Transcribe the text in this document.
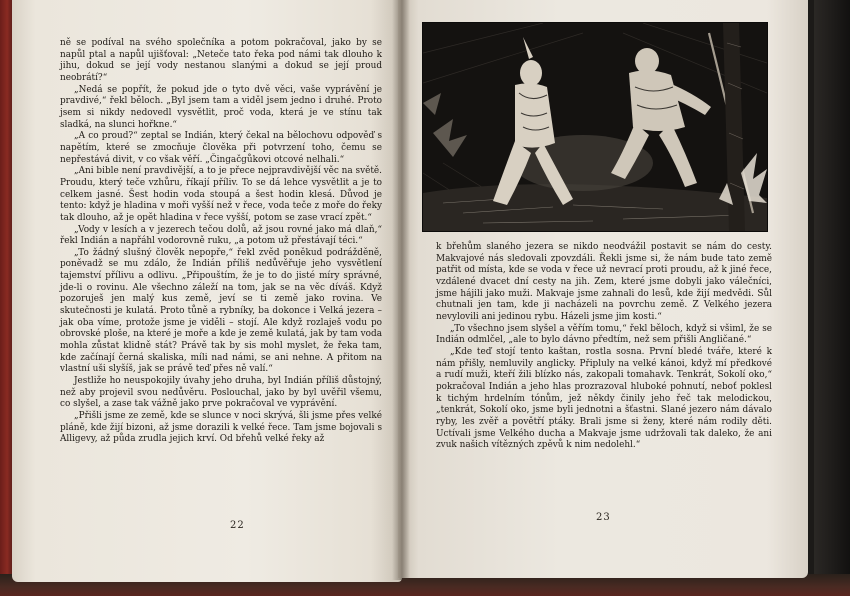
ně se podíval na svého společníka a potom pokračoval, jako by se napůl ptal a napůl ujišťoval: „Neteče tato řeka pod námi tak dlouho k jihu, dokud se její vody nestanou slanými a dokud se její proud neobrátí?“

„Nedá se popřít, že pokud jde o tyto dvě věci, vaše vyprávění je pravdivé,“ řekl běloch. „Byl jsem tam a viděl jsem jedno i druhé. Proto jsem si nikdy nedovedl vysvětlit, proč voda, která je ve stínu tak sladká, na slunci hořkne.“

„A co proud?“ zeptal se Indián, který čekal na bělochovu odpověď s napětím, které se zmocňuje člověka při potvrzení toho, čemu se nepřestává divit, v co však věří. „Čingačgůkovi otcové nelhali.“

„Ani bible není pravdivější, a to je přece nejpravdivější věc na světě. Proudu, který teče vzhůru, říkají příliv. To se dá lehce vysvětlit a je to celkem jasné. Šest hodin voda stoupá a šest hodin klesá. Důvod je tento: když je hladina v moři vyšší než v řece, voda teče z moře do řeky tak dlouho, až je opět hladina v řece vyšší, potom se zase vrací zpět.“

„Vody v lesích a v jezerech tečou dolů, až jsou rovné jako má dlaň,“ řekl Indián a napřáhl vodorovně ruku, „a potom už přestávají téci.“

„To žádný slušný člověk nepopře,“ řekl zvěd poněkud podrážděně, poněvadž se mu zdálo, že Indián příliš nedůvěřuje jeho vysvětlení tajemství přílivu a odlivu. „Připouštím, že je to do jisté míry správné, jde-li o rovinu. Ale všechno záleží na tom, jak se na věc díváš. Když pozoruješ jen malý kus země, jeví se ti země jako rovina. Ve skutečnosti je kulatá. Proto tůně a rybníky, ba dokonce i Velká jezera – jak oba víme, protože jsme je viděli – stojí. Ale když rozlaješ vodu po obrovské ploše, na které je moře a kde je země kulatá, jak by tam voda mohla zůstat klidně stát? Právě tak by sis mohl myslet, že řeka tam, kde začínají černá skaliska, míli nad námi, se ani nehne. A přitom na vlastní uši slyšíš, jak se právě teď přes ně valí.“

Jestliže ho neuspokojily úvahy jeho druha, byl Indián příliš důstojný, než aby projevil svou nedůvěru. Poslouchal, jako by byl uvěřil všemu, co slyšel, a zase tak vážně jako prve pokračoval ve vyprávění.

„Přišli jsme ze země, kde se slunce v noci skrývá, šli jsme přes velké pláně, kde žijí bizoni, až jsme dorazili k velké řece. Tam jsme bojovali s Alligevy, až půda zrudla jejich krví. Od břehů velké řeky až

22

k břehům slaného jezera se nikdo neodvážil postavit se nám do cesty. Makvajové nás sledovali zpovzdáli. Řekli jsme si, že nám bude tato země patřit od místa, kde se voda v řece už nevrací proti proudu, až k jiné řece, vzdálené dvacet dní cesty na jih. Zem, které jsme dobyli jako válečníci, jsme hájili jako muži. Makvaje jsme zahnali do lesů, kde žijí medvědi. Sůl chutnali jen tam, kde ji nacházeli na povrchu země. Z Velkého jezera nevylovili ani jedinou rybu. Házeli jsme jim kosti.“

„To všechno jsem slyšel a věřím tomu,“ řekl běloch, když si všiml, že se Indián odmlčel, „ale to bylo dávno předtím, než sem přišli Angličané.“

„Kde teď stojí tento kaštan, rostla sosna. První bledé tváře, které k nám přišly, nemluvily anglicky. Připluly na velké kánoi, když mí předkové a rudí muži, kteří žili blízko nás, zakopali tomahavk. Tenkrát, Sokolí oko,“ pokračoval Indián a jeho hlas prozrazoval hluboké pohnutí, neboť poklesl k tichým hrdelním tónům, jež někdy činily jeho řeč tak melodickou, „tenkrát, Sokolí oko, jsme byli jednotni a šťastni. Slané jezero nám dávalo ryby, les zvěř a povětří ptáky. Brali jsme si ženy, které nám rodily děti. Uctívali jsme Velkého ducha a Makvaje jsme udržovali tak daleko, že ani zvuk našich vítězných zpěvů k nim nedolehl.“

23
